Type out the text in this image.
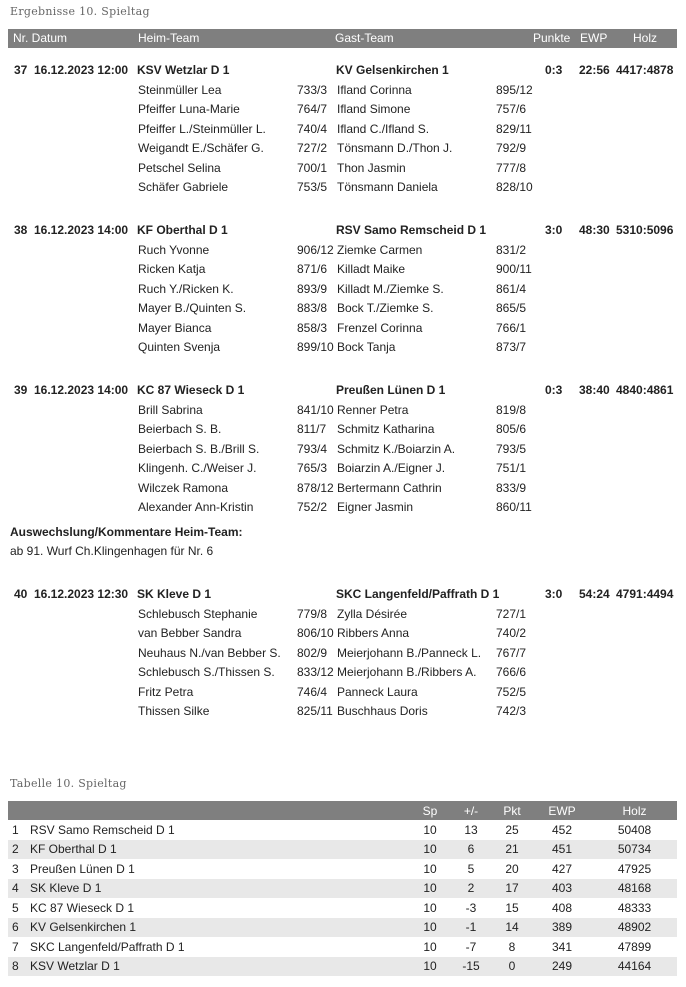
Ergebnisse 10. Spieltag
Nr. Datum	Heim-Team	Gast-Team	Punkte EWP Holz
37 16.12.2023 12:00 KSV Wetzlar D 1	KV Gelsenkirchen 1	0:3 22:56 4417:4878
Steinmüller Lea	733/3 Ifland Corinna	895/12
Pfeiffer Luna-Marie	764/7 Ifland Simone	757/6
Pfeiffer L./Steinmüller L.	740/4 Ifland C./Ifland S.	829/11
Weigandt E./Schäfer G.	727/2 Tönsmann D./Thon J.	792/9
Petschel Selina	700/1 Thon Jasmin	777/8
Schäfer Gabriele	753/5 Tönsmann Daniela	828/10
38 16.12.2023 14:00 KF Oberthal D 1	RSV Samo Remscheid D 1	3:0 48:30 5310:5096
Ruch Yvonne	906/12 Ziemke Carmen	831/2
Ricken Katja	871/6 Killadt Maike	900/11
Ruch Y./Ricken K.	893/9 Killadt M./Ziemke S.	861/4
Mayer B./Quinten S.	883/8 Bock T./Ziemke S.	865/5
Mayer Bianca	858/3 Frenzel Corinna	766/1
Quinten Svenja	899/10 Bock Tanja	873/7
39 16.12.2023 14:00 KC 87 Wieseck D 1	Preußen Lünen D 1	0:3 38:40 4840:4861
Brill Sabrina	841/10 Renner Petra	819/8
Beierbach S. B.	811/7 Schmitz Katharina	805/6
Beierbach S. B./Brill S.	793/4 Schmitz K./Boiarzin A.	793/5
Klingenh. C./Weiser J.	765/3 Boiarzin A./Eigner J.	751/1
Wilczek Ramona	878/12 Bertermann Cathrin	833/9
Alexander Ann-Kristin	752/2 Eigner Jasmin	860/11
40 16.12.2023 12:30 SK Kleve D 1	SKC Langenfeld/Paffrath D 1	3:0 54:24 4791:4494
Schlebusch Stephanie	779/8 Zylla Désirée	727/1
van Bebber Sandra	806/10 Ribbers Anna	740/2
Neuhaus N./van Bebber S. 802/9 Meierjohann B./Panneck L. 767/7
Schlebusch S./Thissen S. 833/12 Meierjohann B./Ribbers A. 766/6
Fritz Petra	746/4 Panneck Laura	752/5
Thissen Silke	825/11 Buschhaus Doris	742/3
Auswechslung/Kommentare Heim-Team:
ab 91. Wurf Ch.Klingenhagen für Nr. 6
Tabelle 10. Spieltag
		Sp	+/-	Pkt	EWP	Holz
1	RSV Samo Remscheid D 1	10	13	25	452	50408
2	KF Oberthal D 1	10	6	21	451	50734
3	Preußen Lünen D 1	10	5	20	427	47925
4	SK Kleve D 1	10	2	17	403	48168
5	KC 87 Wieseck D 1	10	-3	15	408	48333
6	KV Gelsenkirchen 1	10	-1	14	389	48902
7	SKC Langenfeld/Paffrath D 1	10	-7	8	341	47899
8	KSV Wetzlar D 1	10	-15	0	249	44164
